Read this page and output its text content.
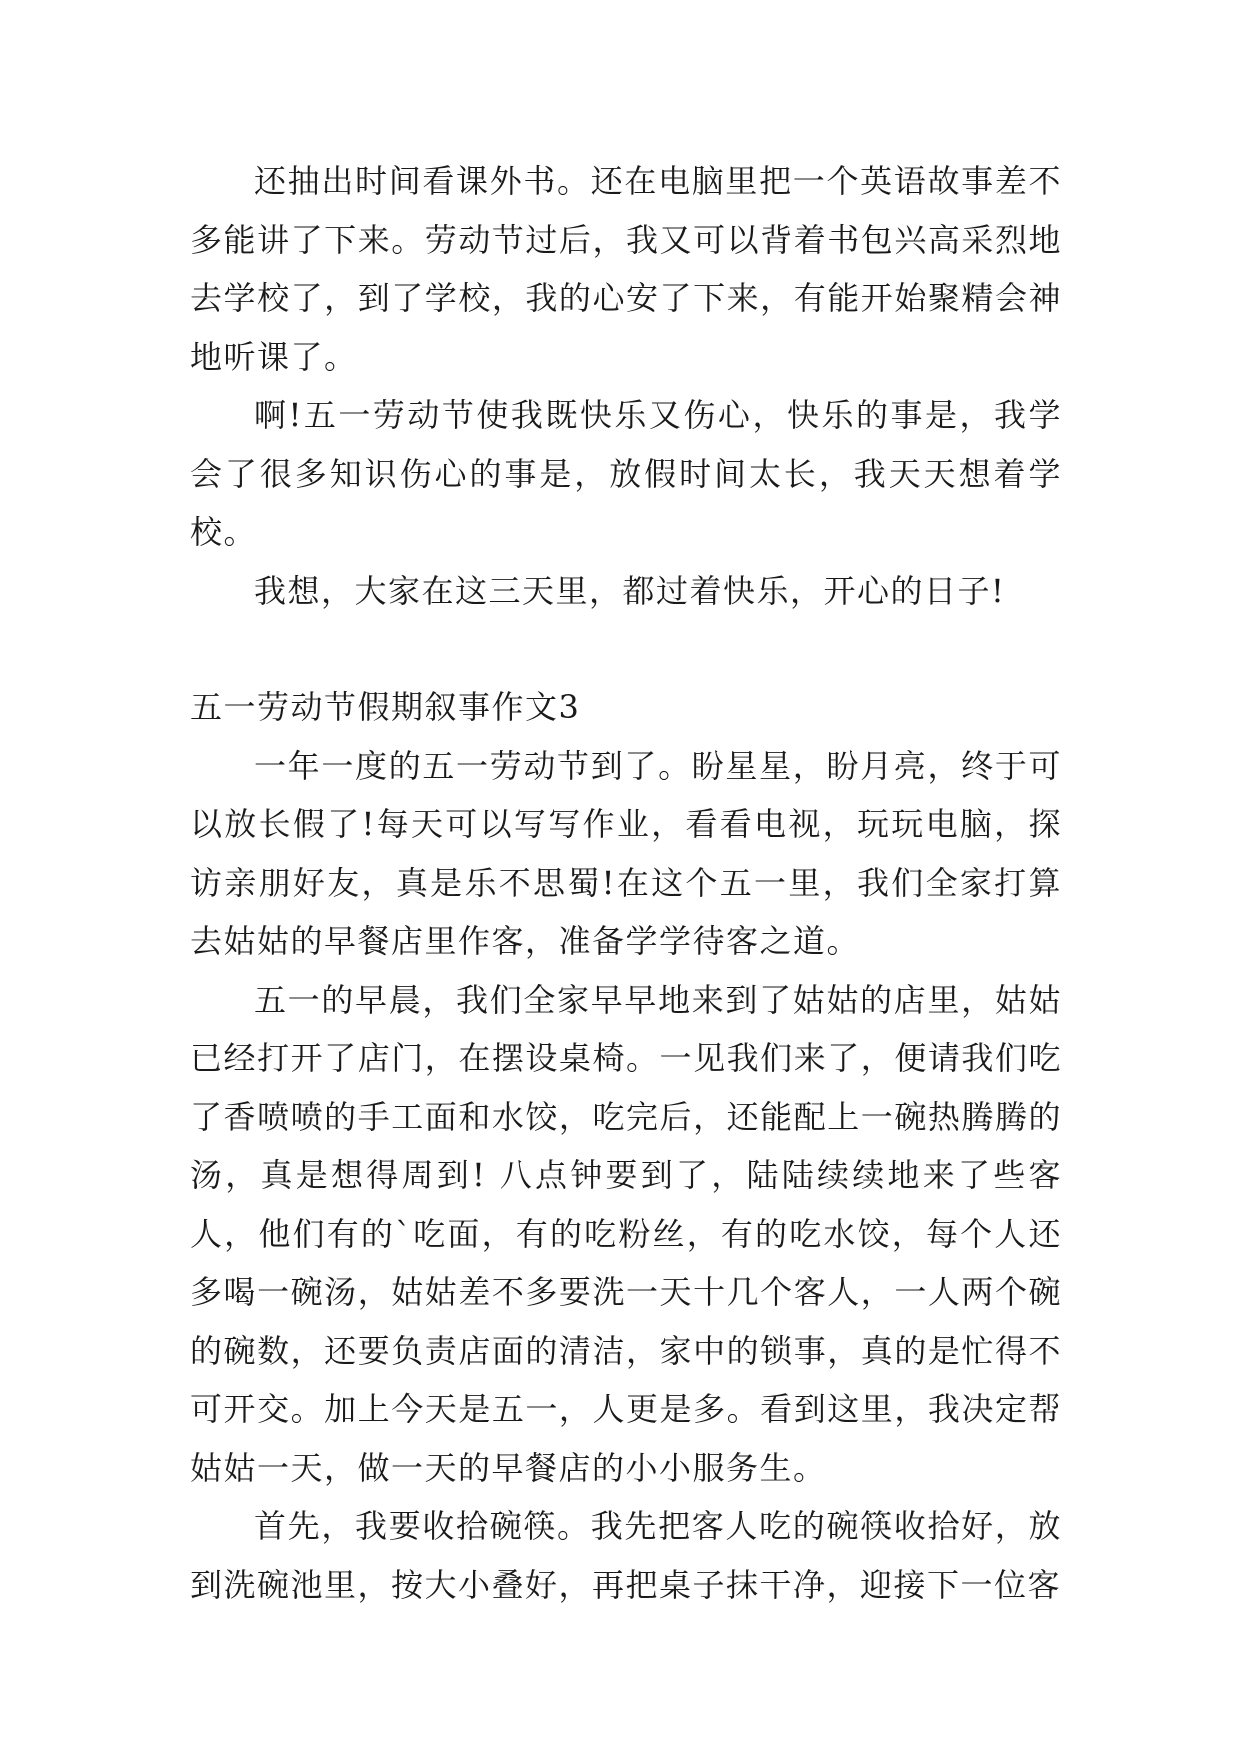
还抽出时间看课外书。还在电脑里把一个英语故事差不多能讲了下来。劳动节过后，我又可以背着书包兴高采烈地去学校了，到了学校，我的心安了下来，有能开始聚精会神地听课了。

啊!五一劳动节使我既快乐又伤心，快乐的事是，我学会了很多知识伤心的事是，放假时间太长，我天天想着学校。

我想，大家在这三天里，都过着快乐，开心的日子!

五一劳动节假期叙事作文3

一年一度的五一劳动节到了。盼星星，盼月亮，终于可以放长假了!每天可以写写作业，看看电视，玩玩电脑，探访亲朋好友，真是乐不思蜀!在这个五一里，我们全家打算去姑姑的早餐店里作客，准备学学待客之道。

五一的早晨，我们全家早早地来到了姑姑的店里，姑姑已经打开了店门，在摆设桌椅。一见我们来了，便请我们吃了香喷喷的手工面和水饺，吃完后，还能配上一碗热腾腾的汤，真是想得周到! 八点钟要到了，陆陆续续地来了些客人，他们有的`吃面，有的吃粉丝，有的吃水饺，每个人还多喝一碗汤，姑姑差不多要洗一天十几个客人，一人两个碗的碗数，还要负责店面的清洁，家中的锁事，真的是忙得不可开交。加上今天是五一，人更是多。看到这里，我决定帮姑姑一天，做一天的早餐店的小小服务生。

首先，我要收拾碗筷。我先把客人吃的碗筷收拾好，放到洗碗池里，按大小叠好，再把桌子抹干净，迎接下一位客
